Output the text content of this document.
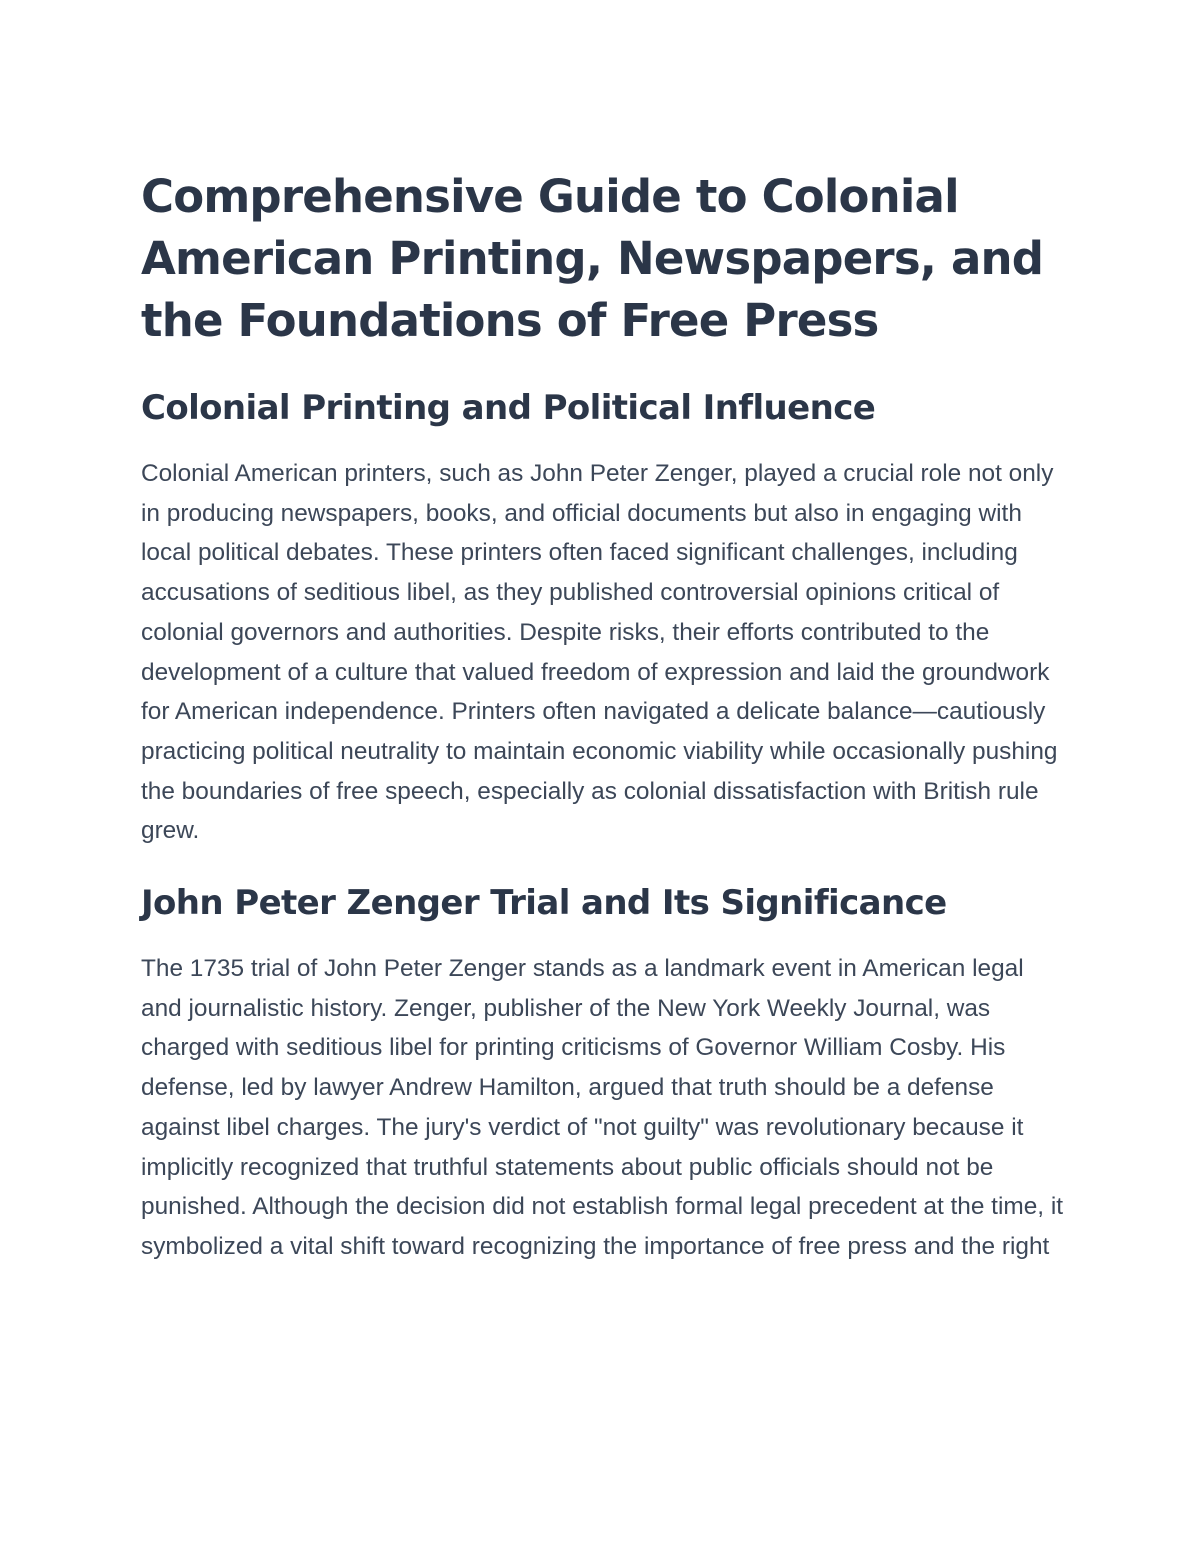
Comprehensive Guide to Colonial American Printing, Newspapers, and the Foundations of Free Press
Colonial Printing and Political Influence

Colonial American printers, such as John Peter Zenger, played a crucial role not only in producing newspapers, books, and official documents but also in engaging with local political debates. These printers often faced significant challenges, including accusations of seditious libel, as they published controversial opinions critical of colonial governors and authorities. Despite risks, their efforts contributed to the development of a culture that valued freedom of expression and laid the groundwork for American independence. Printers often navigated a delicate balance—cautiously practicing political neutrality to maintain economic viability while occasionally pushing the boundaries of free speech, especially as colonial dissatisfaction with British rule grew.

John Peter Zenger Trial and Its Significance

The 1735 trial of John Peter Zenger stands as a landmark event in American legal and journalistic history. Zenger, publisher of the New York Weekly Journal, was charged with seditious libel for printing criticisms of Governor William Cosby. His defense, led by lawyer Andrew Hamilton, argued that truth should be a defense against libel charges. The jury's verdict of "not guilty" was revolutionary because it implicitly recognized that truthful statements about public officials should not be punished. Although the decision did not establish formal legal precedent at the time, it symbolized a vital shift toward recognizing the importance of free press and the right
